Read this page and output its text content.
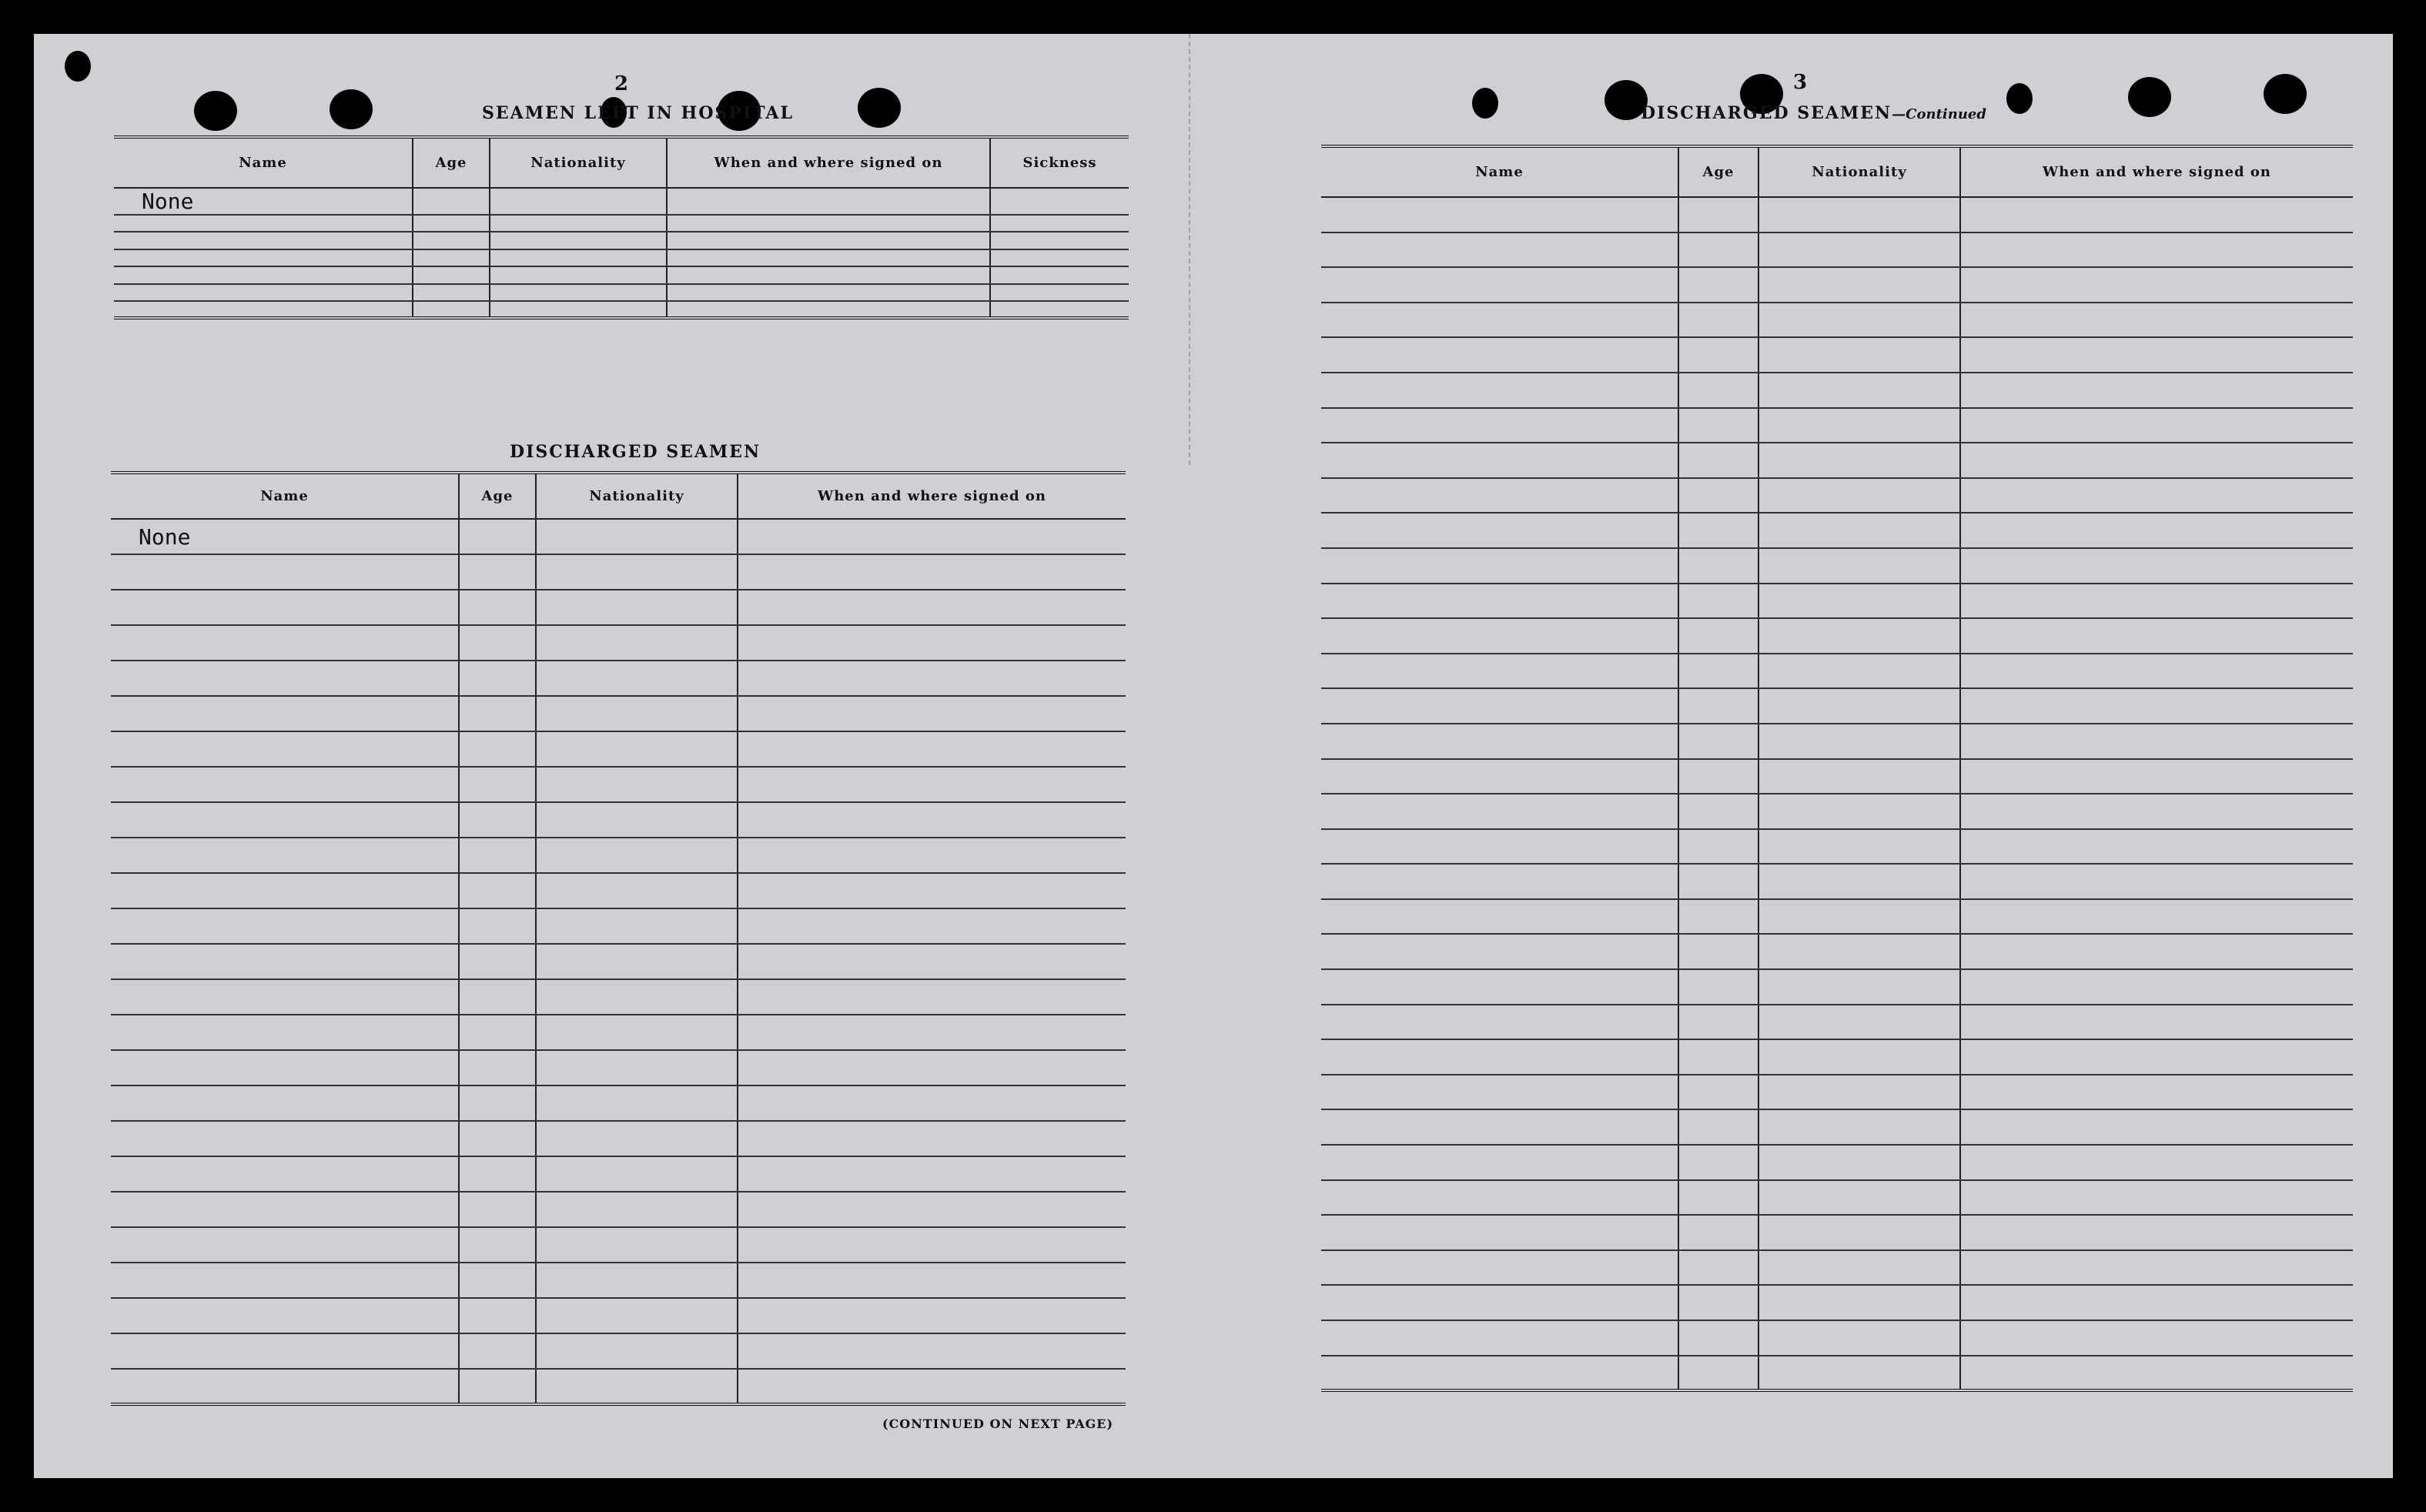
2
SEAMEN LEFT IN HOSPITAL
Name	Age	Nationality	When and where signed on	Sickness
None				

DISCHARGED SEAMEN
Name	Age	Nationality	When and where signed on
None			

(CONTINUED ON NEXT PAGE)
3
DISCHARGED SEAMEN—Continued
Name	Age	Nationality	When and where signed on
